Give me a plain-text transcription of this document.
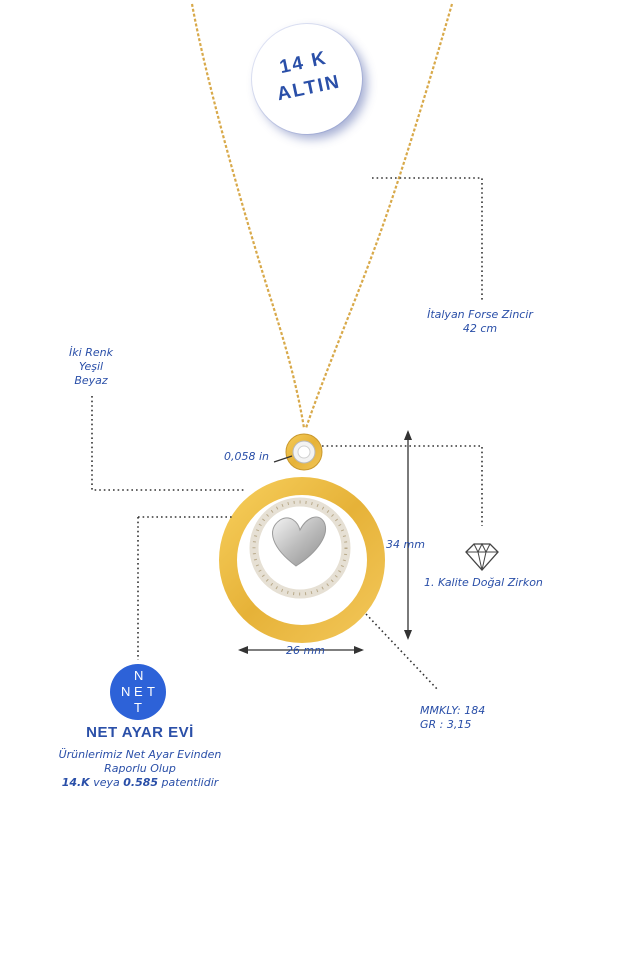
14 K
ALTIN
İtalyan Forse Zincir
42 cm
İki Renk
Yeşil
Beyaz
0,058 in
34 mm
26 mm
1. Kalite Doğal Zirkon
MMKLY: 184
GR : 3,15
N
N E T
T
NET AYAR EVİ
Ürünlerimiz Net Ayar Evinden
Raporlu Olup
14.K veya 0.585 patentlidir
